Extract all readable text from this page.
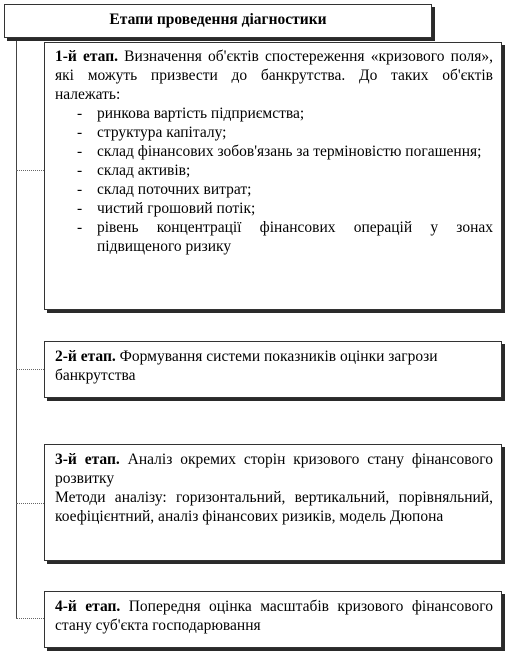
Етапи проведення діагностики
1-й етап. Визначення об'єктів спостереження «кризового поля», які можуть призвести до банкрутства. До таких об'єктів належать:
- ринкова вартість підприємства;
- структура капіталу;
- склад фінансових зобов'язань за терміновістю погашення;
- склад активів;
- склад поточних витрат;
- чистий грошовий потік;
- рівень концентрації фінансових операцій у зонах підвищеного ризику
2-й етап. Формування системи показників оцінки загрози банкрутства
3-й етап. Аналіз окремих сторін кризового стану фінансового розвитку
Методи аналізу: горизонтальний, вертикальний, порівняльний, коефіцієнтний, аналіз фінансових ризиків, модель Дюпона
4-й етап. Попередня оцінка масштабів кризового фінансового стану суб'єкта господарювання
